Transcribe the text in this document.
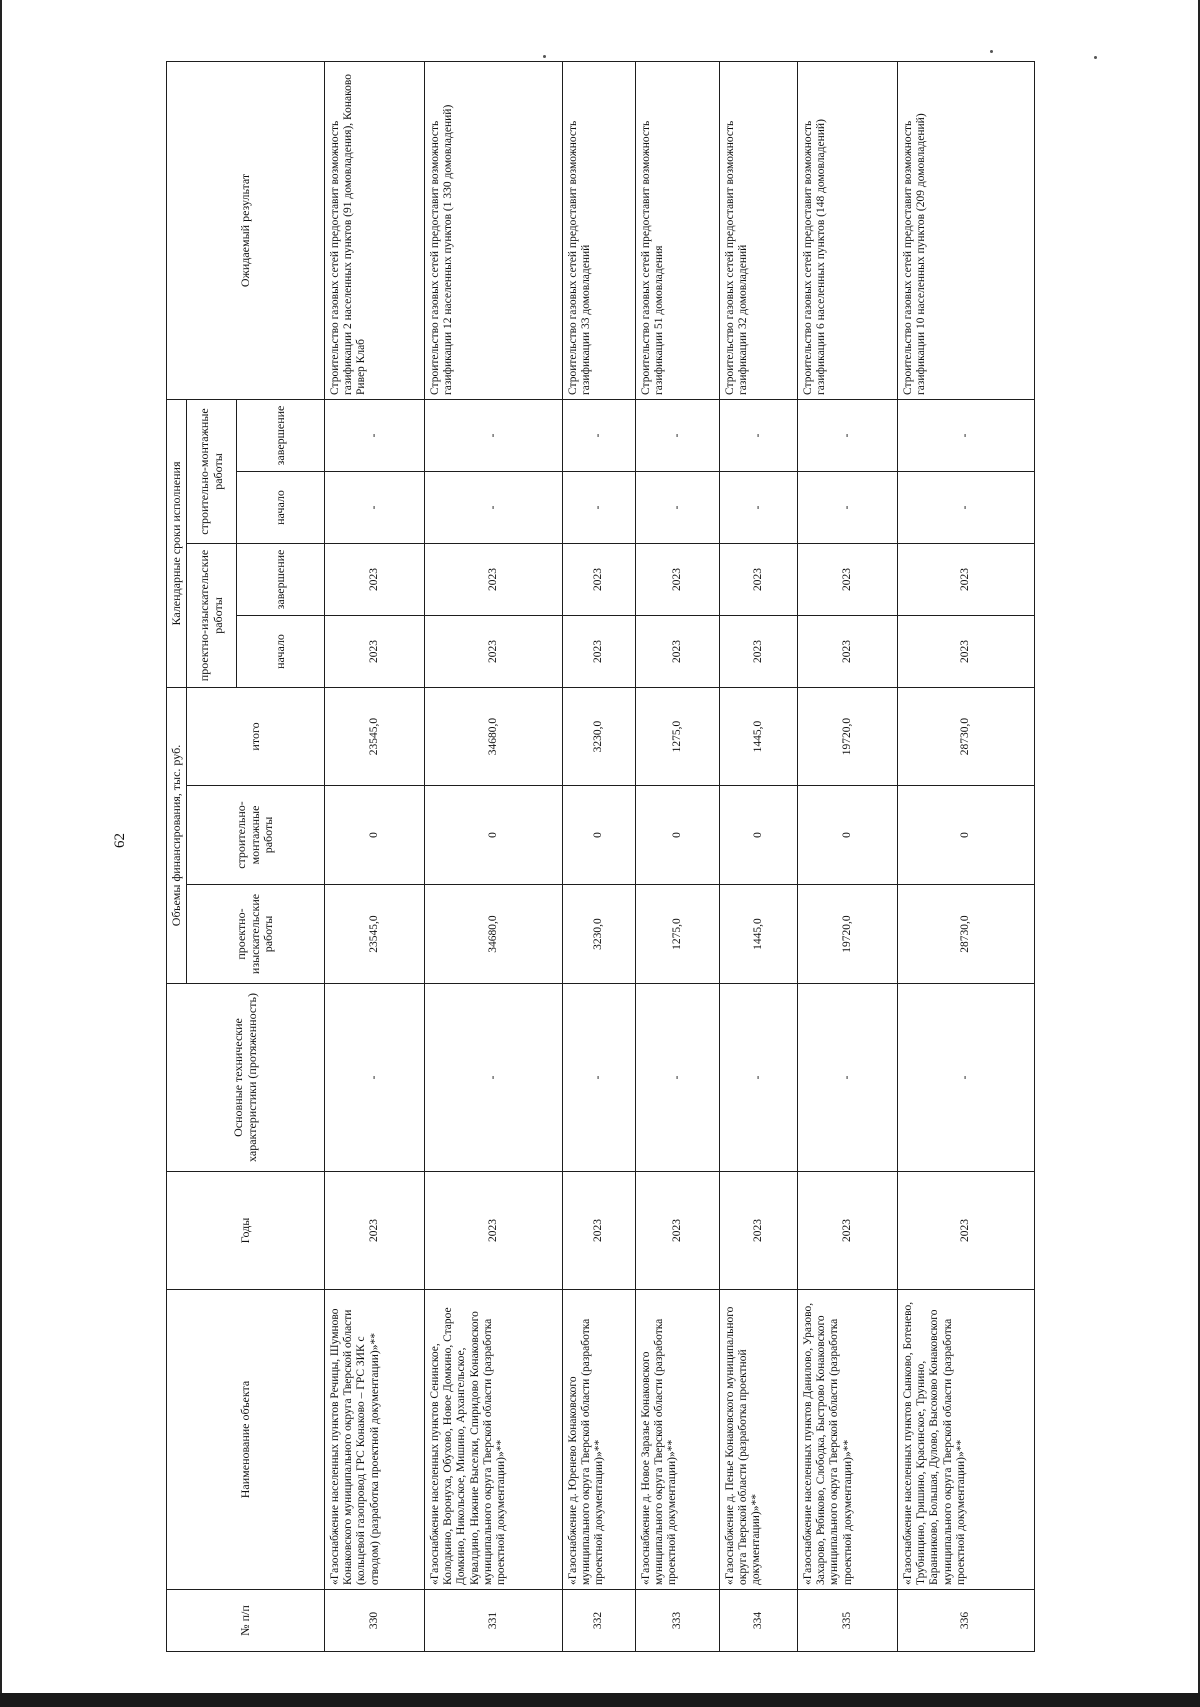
62
№ п/п	Наименование объекта	Годы	Основные технические характеристики (протяженность)	Объемы финансирования, тыс. руб.			Календарные сроки исполнения				Ожидаемый результат
				проектно-изыскательские работы	строительно-монтажные работы	итого	проектно-изыскательские работы		строительно-монтажные работы		
							начало	завершение	начало	завершение	
330	«Газоснабжение населенных пунктов Речицы, Шумново Конаковского муниципального округа Тверской области (кольцевой газопровод ГРС Конаково – ГРС ЗИК с отводом) (разработка проектной документации)»**	2023	-	23545,0	0	23545,0	2023	2023	-	-	Строительство газовых сетей предоставит возможность газификации 2 населенных пунктов (91 домовладения), Конаково Ривер Клаб
331	«Газоснабжение населенных пунктов Сенинское, Колодкино, Воронуха, Обухово, Новое Домкино, Старое Домкино, Никольское, Мишино, Архангельское, Кувалдино, Нижние Выселки, Спиридово Конаковского муниципального округа Тверской области (разработка проектной документации)»**	2023	-	34680,0	0	34680,0	2023	2023	-	-	Строительство газовых сетей предоставит возможность газификации 12 населенных пунктов (1 330 домовладений)
332	«Газоснабжение д. Юренево Конаковского муниципального округа Тверской области (разработка проектной документации)»**	2023	-	3230,0	0	3230,0	2023	2023	-	-	Строительство газовых сетей предоставит возможность газификации 33 домовладений
333	«Газоснабжение д. Новое Заразье Конаковского муниципального округа Тверской области (разработка проектной документации)»**	2023	-	1275,0	0	1275,0	2023	2023	-	-	Строительство газовых сетей предоставит возможность газификации 51 домовладения
334	«Газоснабжение д. Пенье Конаковского муниципального округа Тверской области (разработка проектной документации)»**	2023	-	1445,0	0	1445,0	2023	2023	-	-	Строительство газовых сетей предоставит возможность газификации 32 домовладений
335	«Газоснабжение населенных пунктов Данилово, Уразово, Захарово, Рябиково, Слободка, Быстрово Конаковского муниципального округа Тверской области (разработка проектной документации)»**	2023	-	19720,0	0	19720,0	2023	2023	-	-	Строительство газовых сетей предоставит возможность газификации 6 населенных пунктов (148 домовладений)
336	«Газоснабжение населенных пунктов Сынково, Ботенево, Трубницино, Гришино, Красинское, Трунино, Баранниково, Большая, Дулово, Высоково Конаковского муниципального округа Тверской области (разработка проектной документации)»**	2023	-	28730,0	0	28730,0	2023	2023	-	-	Строительство газовых сетей предоставит возможность газификации 10 населенных пунктов (209 домовладений)
